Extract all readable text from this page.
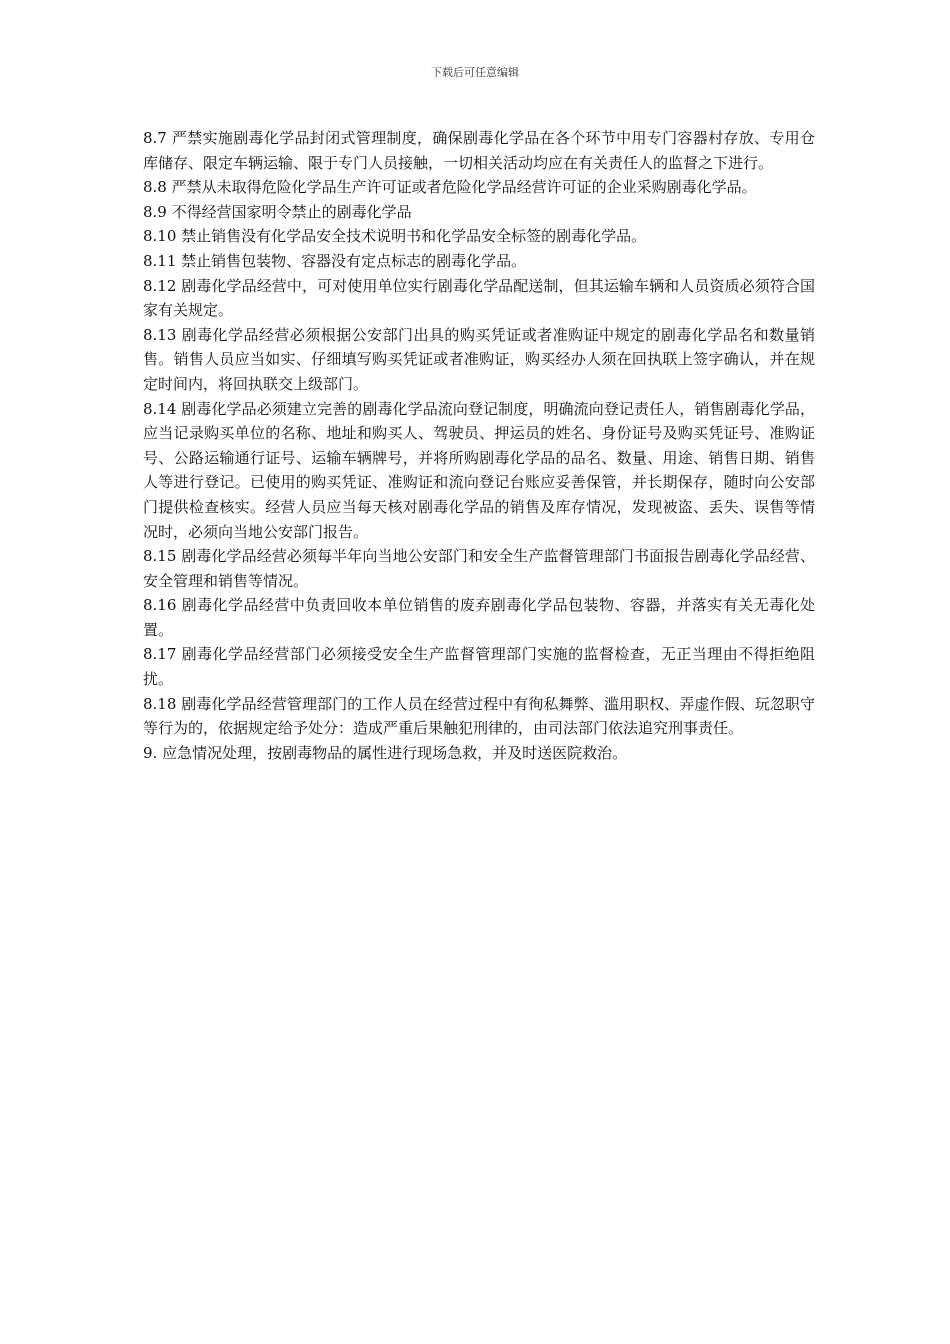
下载后可任意编辑

8.7 严禁实施剧毒化学品封闭式管理制度，确保剧毒化学品在各个环节中用专门容器村存放、专用仓库储存、限定车辆运输、限于专门人员接触，一切相关活动均应在有关责任人的监督之下进行。

8.8 严禁从未取得危险化学品生产许可证或者危险化学品经营许可证的企业采购剧毒化学品。

8.9 不得经营国家明令禁止的剧毒化学品

8.10 禁止销售没有化学品安全技术说明书和化学品安全标签的剧毒化学品。

8.11 禁止销售包装物、容器没有定点标志的剧毒化学品。

8.12 剧毒化学品经营中，可对使用单位实行剧毒化学品配送制，但其运输车辆和人员资质必须符合国家有关规定。

8.13 剧毒化学品经营必须根据公安部门出具的购买凭证或者准购证中规定的剧毒化学品名和数量销售。销售人员应当如实、仔细填写购买凭证或者准购证，购买经办人须在回执联上签字确认，并在规定时间内，将回执联交上级部门。

8.14 剧毒化学品必须建立完善的剧毒化学品流向登记制度，明确流向登记责任人，销售剧毒化学品，应当记录购买单位的名称、地址和购买人、驾驶员、押运员的姓名、身份证号及购买凭证号、准购证号、公路运输通行证号、运输车辆牌号，并将所购剧毒化学品的品名、数量、用途、销售日期、销售人等进行登记。已使用的购买凭证、准购证和流向登记台账应妥善保管，并长期保存，随时向公安部门提供检查核实。经营人员应当每天核对剧毒化学品的销售及库存情况，发现被盗、丢失、误售等情况时，必须向当地公安部门报告。

8.15 剧毒化学品经营必须每半年向当地公安部门和安全生产监督管理部门书面报告剧毒化学品经营、安全管理和销售等情况。

8.16 剧毒化学品经营中负责回收本单位销售的废弃剧毒化学品包装物、容器，并落实有关无毒化处置。

8.17 剧毒化学品经营部门必须接受安全生产监督管理部门实施的监督检查，无正当理由不得拒绝阻扰。

8.18 剧毒化学品经营管理部门的工作人员在经营过程中有徇私舞弊、滥用职权、弄虚作假、玩忽职守等行为的，依据规定给予处分：造成严重后果触犯刑律的，由司法部门依法追究刑事责任。

9. 应急情况处理，按剧毒物品的属性进行现场急救，并及时送医院救治。
